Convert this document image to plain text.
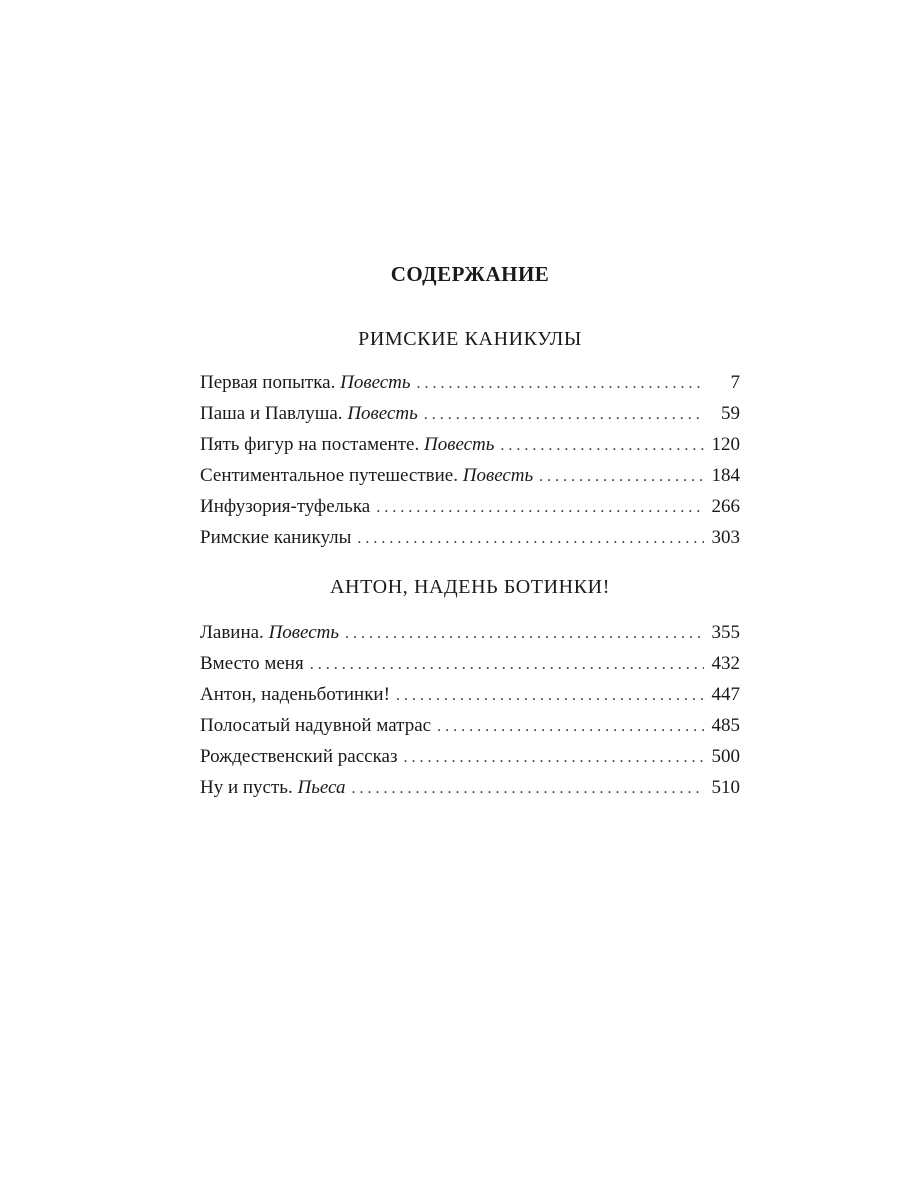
СОДЕРЖАНИЕ
РИМСКИЕ КАНИКУЛЫ
Первая попытка. Повесть . . .	7
Паша и Павлуша. Повесть . . .	59
Пять фигур на постаменте. Повесть . . .	120
Сентиментальное путешествие. Повесть . . .	184
Инфузория-туфелька . . .	266
Римские каникулы . . .	303
АНТОН, НАДЕНЬ БОТИНКИ!
Лавина. Повесть . . .	355
Вместо меня . . .	432
Антон, наденьботинки! . . .	447
Полосатый надувной матрас . . .	485
Рождественский рассказ . . .	500
Ну и пусть. Пьеса . . .	510
